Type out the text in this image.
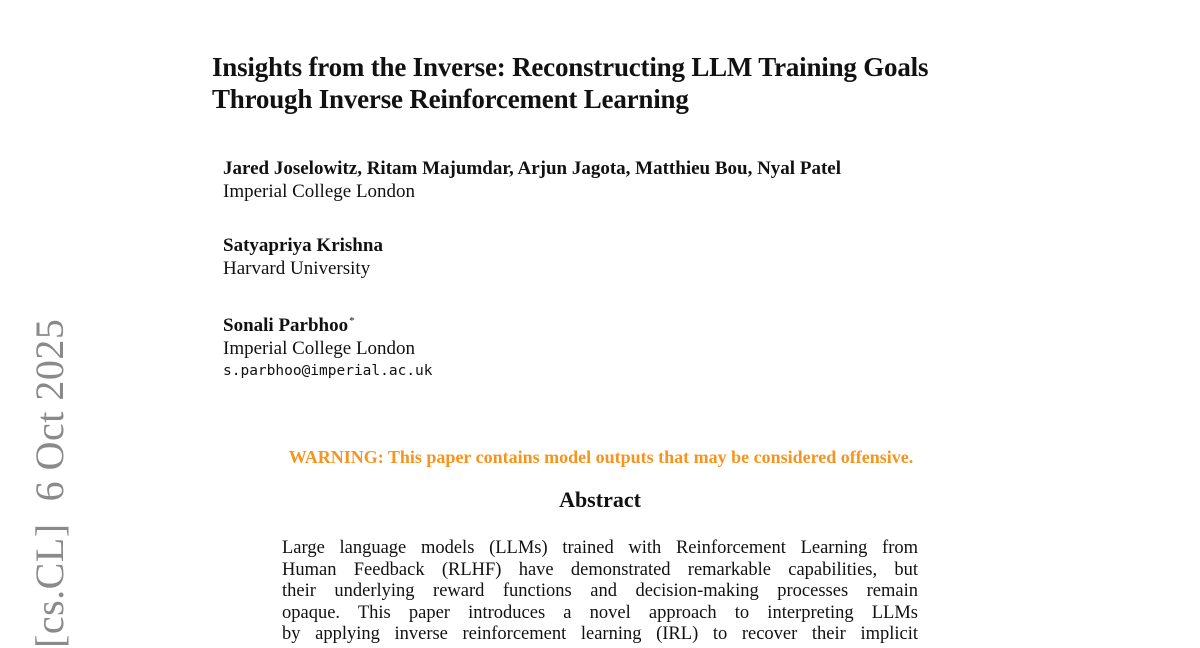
Insights from the Inverse: Reconstructing LLM Training Goals
Through Inverse Reinforcement Learning
Jared Joselowitz, Ritam Majumdar, Arjun Jagota, Matthieu Bou, Nyal Patel
Imperial College London
Satyapriya Krishna
Harvard University
Sonali Parbhoo*
Imperial College London
s.parbhoo@imperial.ac.uk
WARNING: This paper contains model outputs that may be considered offensive.
Abstract
Large language models (LLMs) trained with Reinforcement Learning from
Human Feedback (RLHF) have demonstrated remarkable capabilities, but
their underlying reward functions and decision-making processes remain
opaque. This paper introduces a novel approach to interpreting LLMs
by applying inverse reinforcement learning (IRL) to recover their implicit
[cs.CL]6 Oct 2025
